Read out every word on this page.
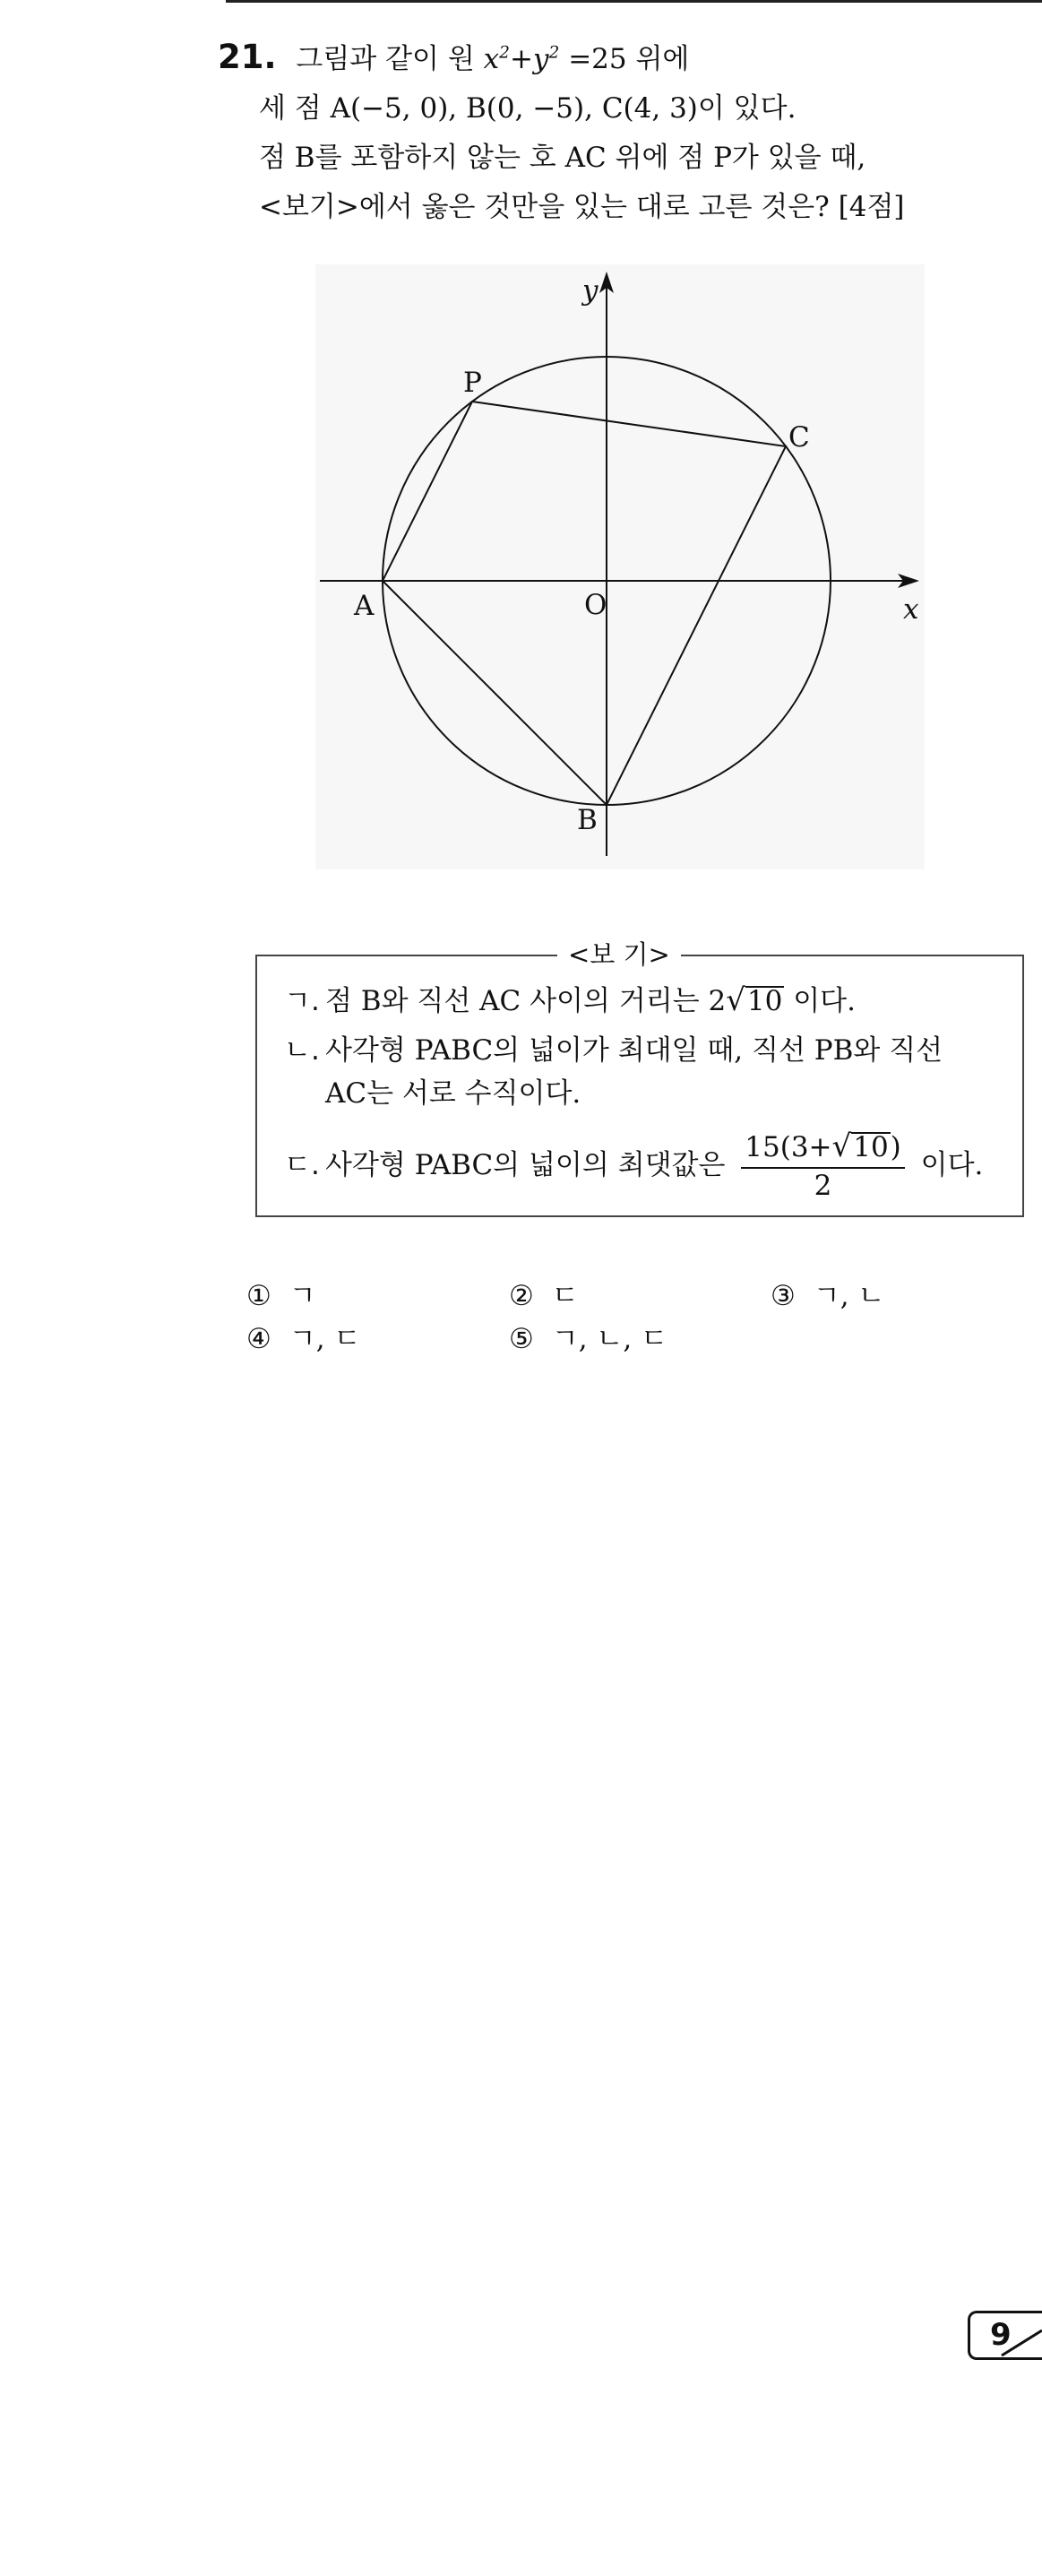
21. 그림과 같이 원 $x^2+y^2 =25$ 위에
세 점 A(−5, 0), B(0, −5), C(4, 3)이 있다.
점 B를 포함하지 않는 호 AC 위에 점 P가 있을 때,
<보기>에서 옳은 것만을 있는 대로 고른 것은? [4점]
y
x
O
A
B
C
P
<보 기>
ㄱ. 점 B와 직선 AC 사이의 거리는 2√10 이다.
ㄴ. 사각형 PABC의 넓이가 최대일 때, 직선 PB와 직선
AC는 서로 수직이다.
ㄷ. 사각형 PABC의 넓이의 최댓값은 $\frac{15(3+√10)}{2}$ 이다.
① ㄱ	② ㄷ	③ ㄱ, ㄴ
④ ㄱ, ㄷ	⑤ ㄱ, ㄴ, ㄷ
9
